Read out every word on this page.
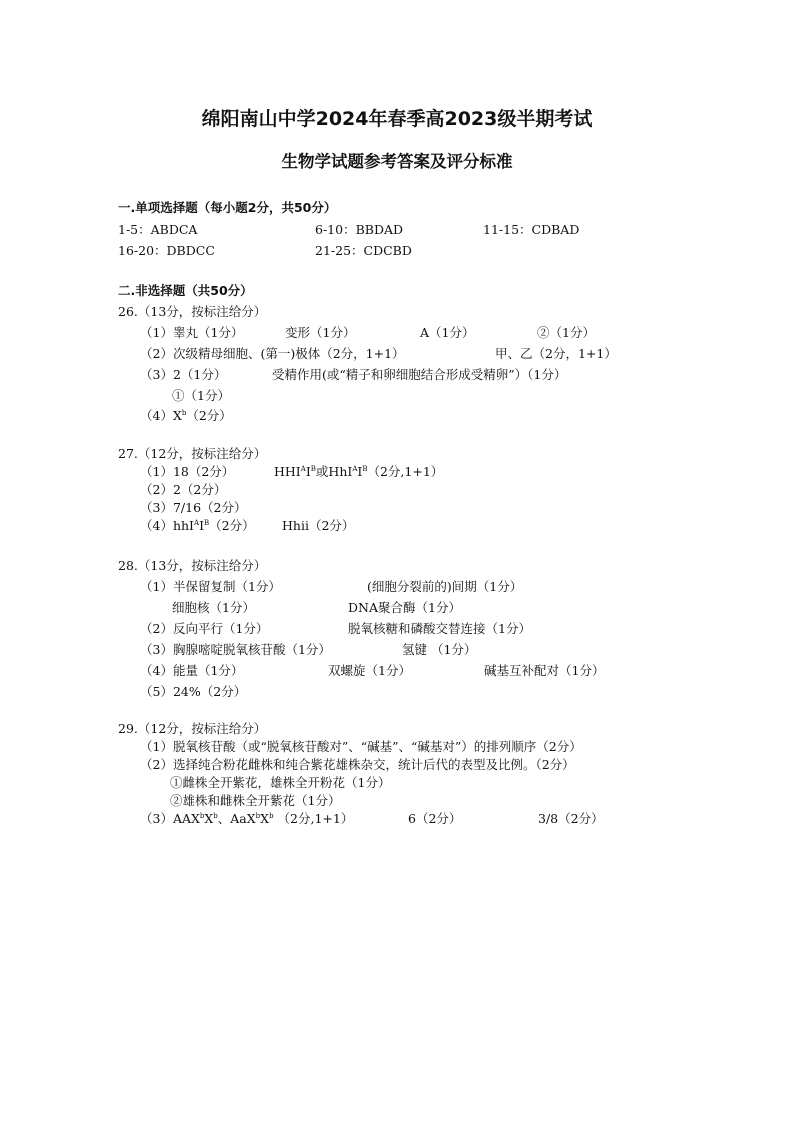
绵阳南山中学2024年春季高2023级半期考试
生物学试题参考答案及评分标准
一.单项选择题（每小题2分，共50分）
1-5：ABDCA	6-10：BBDAD	11-15：CDBAD
16-20：DBDCC	21-25：CDCBD
二.非选择题（共50分）
26.（13分，按标注给分）
（1）睾丸（1分）	变形（1分）	A（1分）	②（1分）
（2）次级精母细胞、(第一)极体（2分，1+1）	甲、乙（2分，1+1）
（3）2（1分）	受精作用(或“精子和卵细胞结合形成受精卵”）（1分）
①（1分）
$(4)X^b(2$分）
27.（12分，按标注给分）
（1）18（2分）	$HHI^AI^B$或$HhI^AI^B(2$分,1+1）
（2）2（2分）
（3）7/16（2分）
$(4)hhI^AI^B(2$分） Hhii（2分）
28.（13分，按标注给分）
（1）半保留复制（1分）	(细胞分裂前的)间期（1分）
细胞核（1分）	DNA聚合酶（1分）
（2）反向平行（1分）	脱氧核糖和磷酸交替连接（1分）
（3）胸腺嘧啶脱氧核苷酸（1分）	氢键 （1分）
（4）能量（1分）	双螺旋（1分）	碱基互补配对（1分）
（5）24%（2分）
29.（12分，按标注给分）
（1）脱氧核苷酸（或“脱氧核苷酸对”、“碱基”、“碱基对”）的排列顺序（2分）
（2）选择纯合粉花雌株和纯合紫花雄株杂交，统计后代的表型及比例。（2分）
①雌株全开紫花，雄株全开粉花（1分）
②雄株和雌株全开紫花（1分）
$(3)AAX^bX^b$、$AaX^bX^b$ （2分,1+1）	6（2分）	3/8（2分）
